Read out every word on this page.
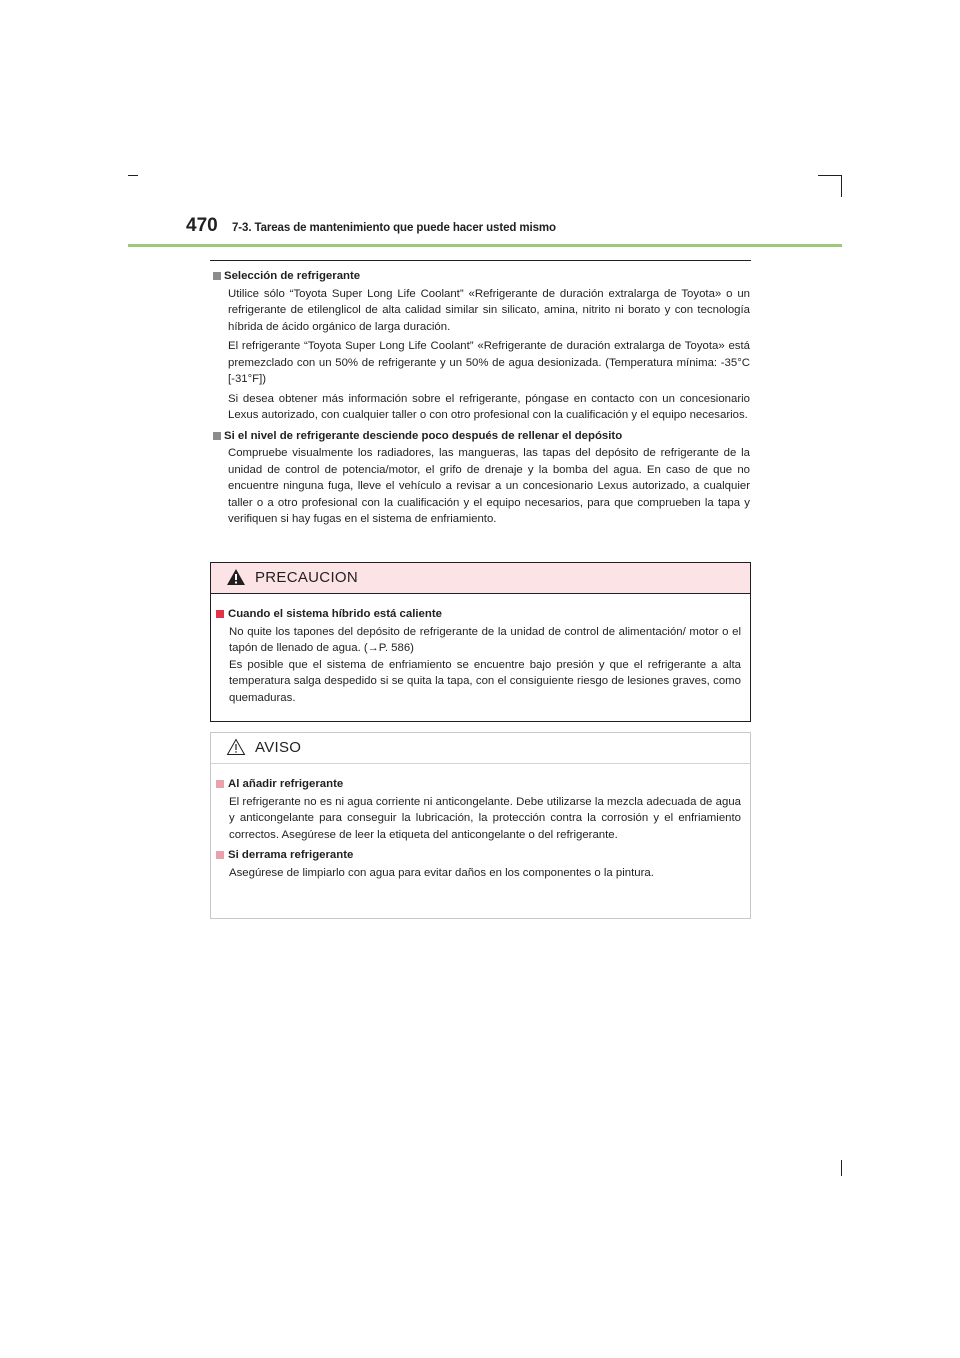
470 7-3. Tareas de mantenimiento que puede hacer usted mismo

Selección de refrigerante

Utilice sólo “Toyota Super Long Life Coolant” «Refrigerante de duración extralarga de Toyota» o un refrigerante de etilenglicol de alta calidad similar sin silicato, amina, nitrito ni borato y con tecnología híbrida de ácido orgánico de larga duración.

El refrigerante “Toyota Super Long Life Coolant” «Refrigerante de duración extralarga de Toyota» está premezclado con un 50% de refrigerante y un 50% de agua desionizada. (Temperatura mínima: -35°C [-31°F])

Si desea obtener más información sobre el refrigerante, póngase en contacto con un concesionario Lexus autorizado, con cualquier taller o con otro profesional con la cualificación y el equipo necesarios.

Si el nivel de refrigerante desciende poco después de rellenar el depósito

Compruebe visualmente los radiadores, las mangueras, las tapas del depósito de refrigerante de la unidad de control de potencia/motor, el grifo de drenaje y la bomba del agua. En caso de que no encuentre ninguna fuga, lleve el vehículo a revisar a un concesionario Lexus autorizado, a cualquier taller o a otro profesional con la cualificación y el equipo necesarios, para que comprueben la tapa y verifiquen si hay fugas en el sistema de enfriamiento.

PRECAUCION

Cuando el sistema híbrido está caliente

No quite los tapones del depósito de refrigerante de la unidad de control de alimentación/ motor o el tapón de llenado de agua. (→P. 586)
Es posible que el sistema de enfriamiento se encuentre bajo presión y que el refrigerante a alta temperatura salga despedido si se quita la tapa, con el consiguiente riesgo de lesiones graves, como quemaduras.

AVISO

Al añadir refrigerante

El refrigerante no es ni agua corriente ni anticongelante. Debe utilizarse la mezcla adecuada de agua y anticongelante para conseguir la lubricación, la protección contra la corrosión y el enfriamiento correctos. Asegúrese de leer la etiqueta del anticongelante o del refrigerante.

Si derrama refrigerante

Asegúrese de limpiarlo con agua para evitar daños en los componentes o la pintura.
